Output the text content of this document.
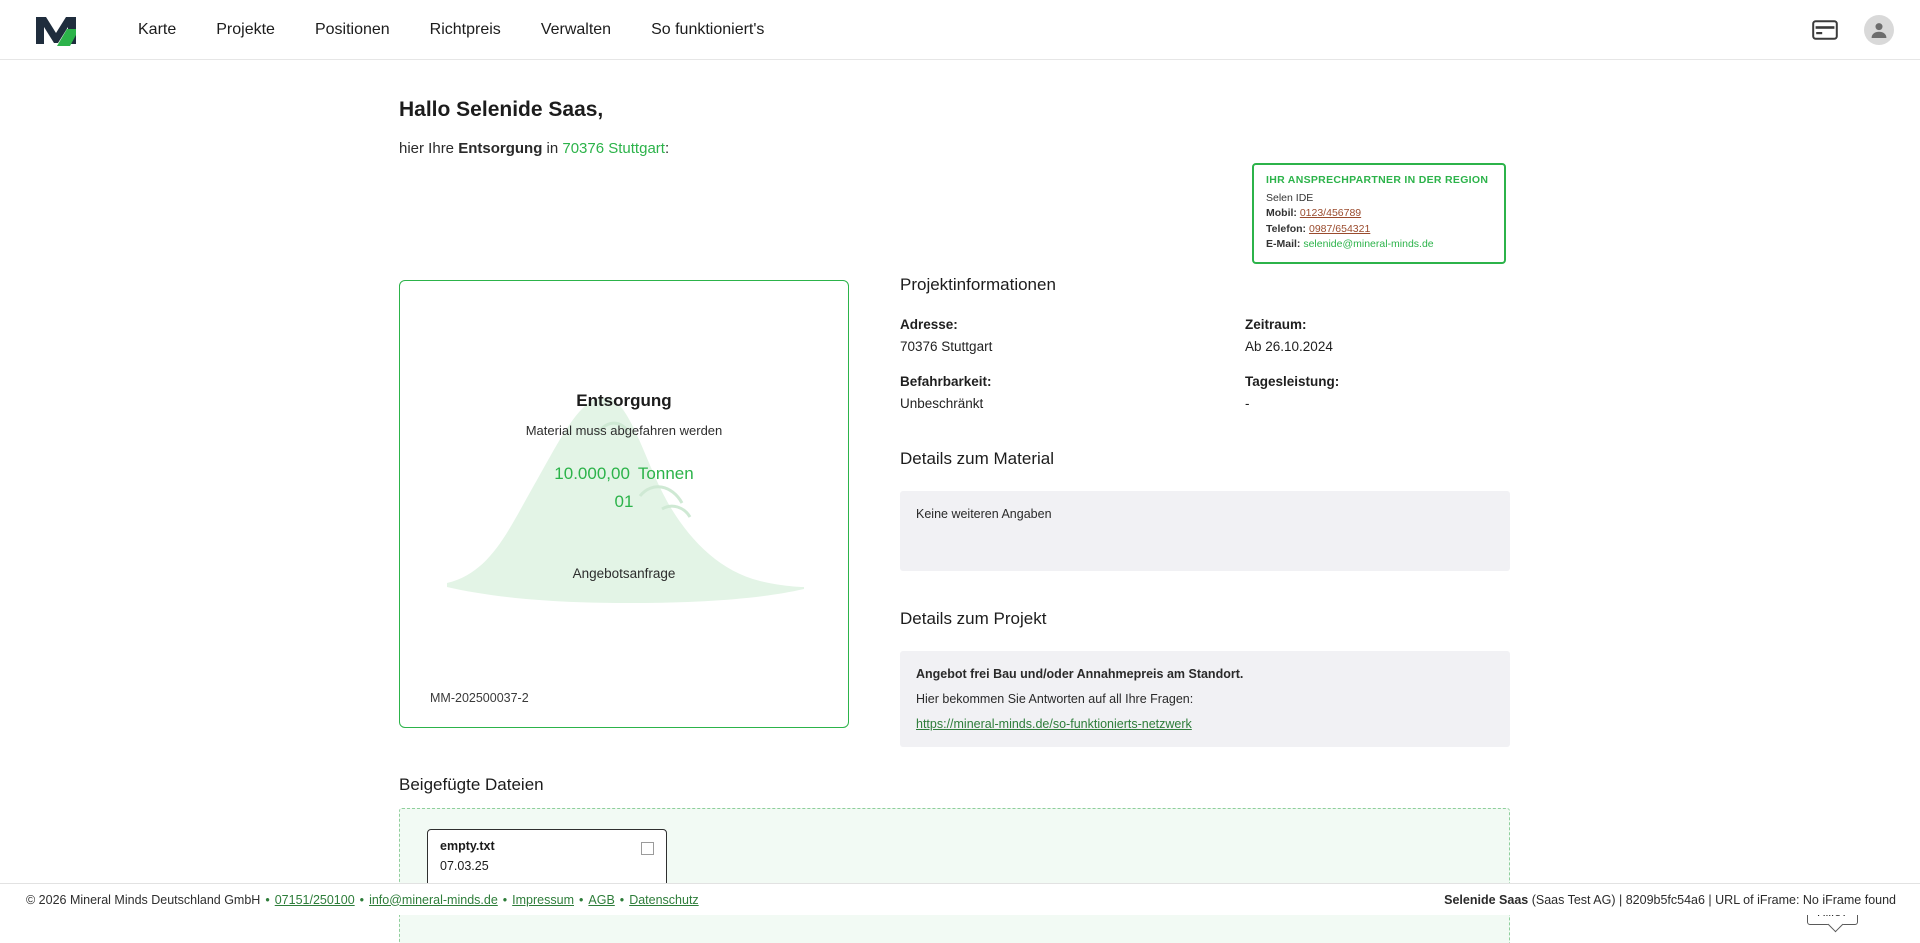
Karte	Projekte	Positionen	Richtpreis	Verwalten	So funktioniert's
Hallo Selenide Saas,
hier Ihre Entsorgung in 70376 Stuttgart:
IHR ANSPRECHPARTNER IN DER REGION
Selen IDE
Mobil: 0123/456789
Telefon: 0987/654321
E-Mail: selenide@mineral-minds.de
Entsorgung
Material muss abgefahren werden
10.000,00 Tonnen
01
Angebotsanfrage
MM-202500037-2
Projektinformationen
Adresse:
70376 Stuttgart
Zeitraum:
Ab 26.10.2024
Befahrbarkeit:
Unbeschränkt
Tagesleistung:
-
Details zum Material
Keine weiteren Angaben
Details zum Projekt
Angebot frei Bau und/oder Annahmepreis am Standort.
Hier bekommen Sie Antworten auf all Ihre Fragen:
https://mineral-minds.de/so-funktionierts-netzwerk
Beigefügte Dateien
empty.txt
07.03.25
© 2026 Mineral Minds Deutschland GmbH • 07151/250100 • info@mineral-minds.de • Impressum • AGB • Datenschutz	Selenide Saas (Saas Test AG) | 8209b5fc54a6 | URL of iFrame: No iFrame found
